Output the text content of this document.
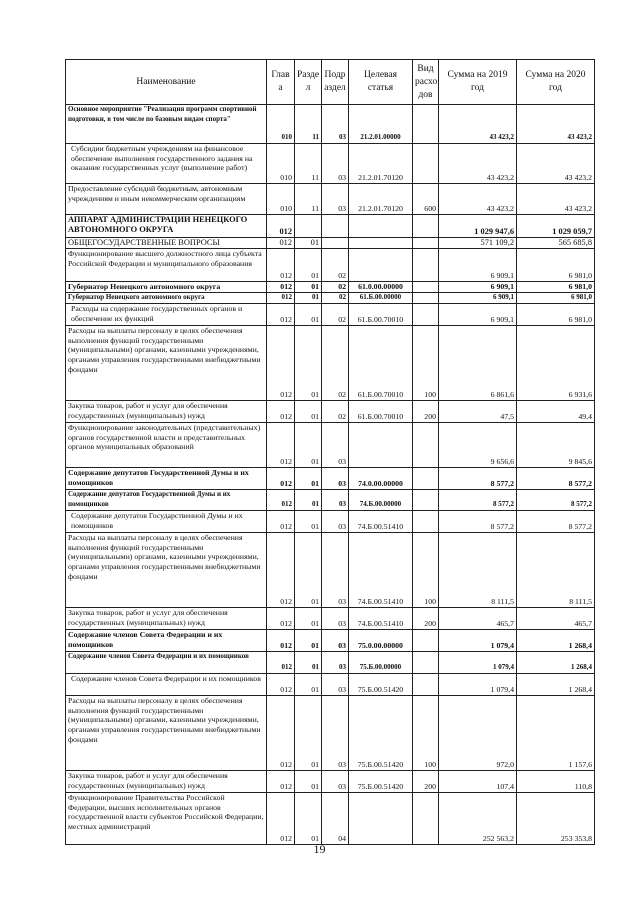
Наименование	Глав а	Разде л	Подр аздел	Целевая статья	Вид расхо дов	Сумма на 2019 год	Сумма на 2020 год
Основное мероприятие "Реализация программ спортивной подготовки, в том числе по базовым видам спорта"	010	11	03	21.2.01.00000		43 423,2	43 423,2
Субсидии бюджетным учреждениям на финансовое обеспечение выполнения государственного задания на оказание государственных услуг (выполнение работ)	010	11	03	21.2.01.70120		43 423,2	43 423,2
Предоставление субсидий бюджетным, автономным учреждениям и иным некоммерческим организациям	010	11	03	21.2.01.70120	600	43 423,2	43 423,2
АППАРАТ АДМИНИСТРАЦИИ НЕНЕЦКОГО АВТОНОМНОГО ОКРУГА	012					1 029 947,6	1 029 059,7
ОБЩЕГОСУДАРСТВЕННЫЕ ВОПРОСЫ	012	01				571 109,2	565 685,8
Функционирование высшего должностного лица субъекта Российской Федерации и муниципального образования	012	01	02			6 909,1	6 981,0
Губернатор Ненецкого автономного округа	012	01	02	61.0.00.00000		6 909,1	6 981,0
Губернатор Ненецкого автономного округа	012	01	02	61.Б.00.00000		6 909,1	6 981,0
Расходы на содержание государственных органов и обеспечение их функций	012	01	02	61.Б.00.70010		6 909,1	6 981,0
Расходы на выплаты персоналу в целях обеспечения выполнения функций государственными (муниципальными) органами, казенными учреждениями, органами управления государственными внебюджетными фондами	012	01	02	61.Б.00.70010	100	6 861,6	6 931,6
Закупка товаров, работ и услуг для обеспечения государственных (муниципальных) нужд	012	01	02	61.Б.00.70010	200	47,5	49,4
Функционирование законодательных (представительных) органов государственной власти и представительных органов муниципальных образований	012	01	03			9 656,6	9 845,6
Содержание депутатов Государственной Думы и их помощников	012	01	03	74.0.00.00000		8 577,2	8 577,2
Содержание депутатов Государственной Думы и их помощников	012	01	03	74.Б.00.00000		8 577,2	8 577,2
Содержание депутатов Государственной Думы и их помощников	012	01	03	74.Б.00.51410		8 577,2	8 577,2
Расходы на выплаты персоналу в целях обеспечения выполнения функций государственными (муниципальными) органами, казенными учреждениями, органами управления государственными внебюджетными фондами	012	01	03	74.Б.00.51410	100	8 111,5	8 111,5
Закупка товаров, работ и услуг для обеспечения государственных (муниципальных) нужд	012	01	03	74.Б.00.51410	200	465,7	465,7
Содержание членов Совета Федерации и их помощников	012	01	03	75.0.00.00000		1 079,4	1 268,4
Содержание членов Совета Федерации и их помощников	012	01	03	75.Б.00.00000		1 079,4	1 268,4
Содержание членов Совета Федерации и их помощников	012	01	03	75.Б.00.51420		1 079,4	1 268,4
Расходы на выплаты персоналу в целях обеспечения выполнения функций государственными (муниципальными) органами, казенными учреждениями, органами управления государственными внебюджетными фондами	012	01	03	75.Б.00.51420	100	972,0	1 157,6
Закупка товаров, работ и услуг для обеспечения государственных (муниципальных) нужд	012	01	03	75.Б.00.51420	200	107,4	110,8
Функционирование Правительства Российской Федерации, высших исполнительных органов государственной власти субъектов Российской Федерации, местных администраций	012	01	04			252 563,2	253 353,8
19
